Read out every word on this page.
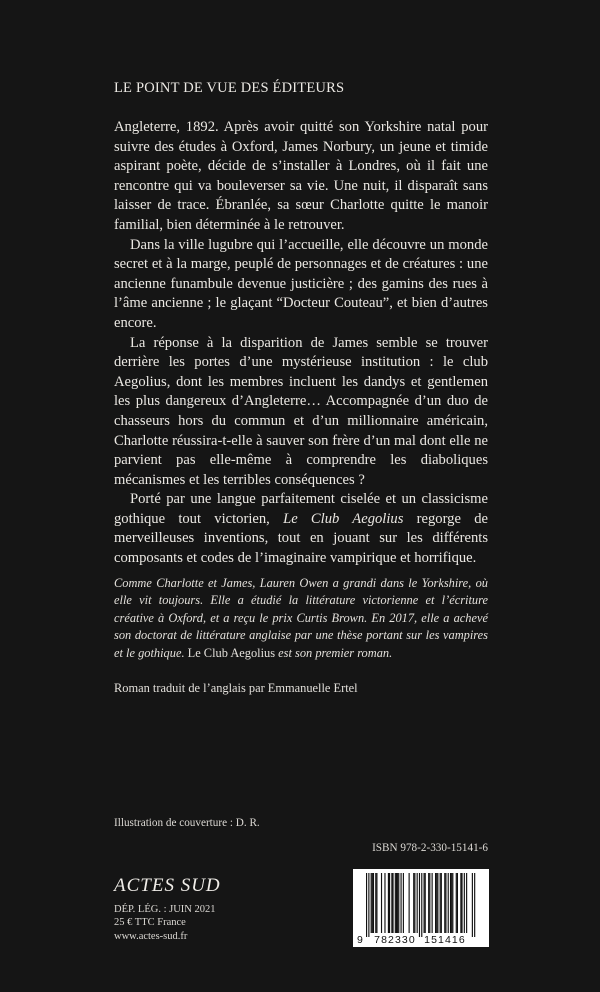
LE POINT DE VUE DES ÉDITEURS

Angleterre, 1892. Après avoir quitté son Yorkshire natal pour suivre des études à Oxford, James Norbury, un jeune et timide aspirant poète, décide de s’installer à Londres, où il fait une rencontre qui va bouleverser sa vie. Une nuit, il disparaît sans laisser de trace. Ébranlée, sa sœur Charlotte quitte le manoir familial, bien déterminée à le retrouver.

Dans la ville lugubre qui l’accueille, elle découvre un monde secret et à la marge, peuplé de personnages et de créatures : une ancienne funambule devenue justicière ; des gamins des rues à l’âme ancienne ; le glaçant “Docteur Couteau”, et bien d’autres encore.

La réponse à la disparition de James semble se trouver derrière les portes d’une mystérieuse institution : le club Aegolius, dont les membres incluent les dandys et gentlemen les plus dangereux d’Angleterre… Accompagnée d’un duo de chasseurs hors du commun et d’un millionnaire américain, Charlotte réussira-t-elle à sauver son frère d’un mal dont elle ne parvient pas elle-même à comprendre les diaboliques mécanismes et les terribles conséquences ?

Porté par une langue parfaitement ciselée et un classicisme gothique tout victorien, Le Club Aegolius regorge de merveilleuses inventions, tout en jouant sur les différents composants et codes de l’imaginaire vampirique et horrifique.

Comme Charlotte et James, Lauren Owen a grandi dans le Yorkshire, où elle vit toujours. Elle a étudié la littérature victorienne et l’écriture créative à Oxford, et a reçu le prix Curtis Brown. En 2017, elle a achevé son doctorat de littérature anglaise par une thèse portant sur les vampires et le gothique. Le Club Aegolius est son premier roman.

Roman traduit de l’anglais par Emmanuelle Ertel
Illustration de couverture : D. R.
ISBN 978-2-330-15141-6
ACTES SUD
DÉP. LÉG. : JUIN 2021
25 € TTC France
www.actes-sud.fr	9 782330 151416
